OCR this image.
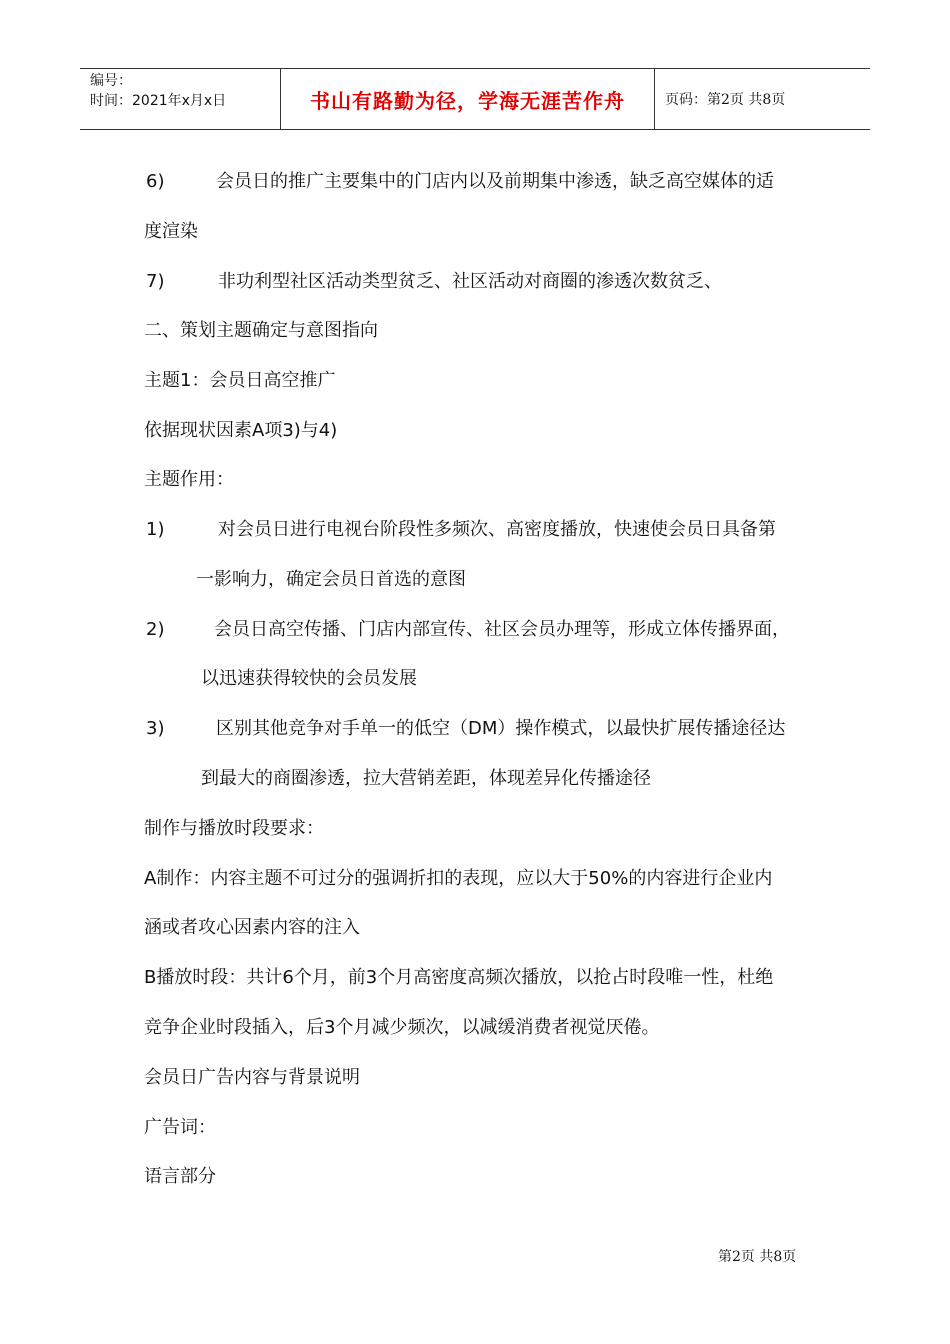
编号：
时间：2021年x月x日	书山有路勤为径，学海无涯苦作舟	页码：第2页 共8页
6)	会员日的推广主要集中的门店内以及前期集中渗透，缺乏高空媒体的适
度渲染
7)	非功利型社区活动类型贫乏、社区活动对商圈的渗透次数贫乏、
二、策划主题确定与意图指向
主题1：会员日高空推广
依据现状因素A项3)与4)
主题作用：
1)	对会员日进行电视台阶段性多频次、高密度播放，快速使会员日具备第
一影响力，确定会员日首选的意图
2)	会员日高空传播、门店内部宣传、社区会员办理等，形成立体传播界面，
以迅速获得较快的会员发展
3)	区别其他竞争对手单一的低空（DM）操作模式，以最快扩展传播途径达
到最大的商圈渗透，拉大营销差距，体现差异化传播途径
制作与播放时段要求：
A制作：内容主题不可过分的强调折扣的表现，应以大于50%的内容进行企业内
涵或者攻心因素内容的注入
B播放时段：共计6个月，前3个月高密度高频次播放，以抢占时段唯一性，杜绝
竞争企业时段插入，后3个月减少频次，以减缓消费者视觉厌倦。
会员日广告内容与背景说明
广告词：
语言部分
第2页 共8页
